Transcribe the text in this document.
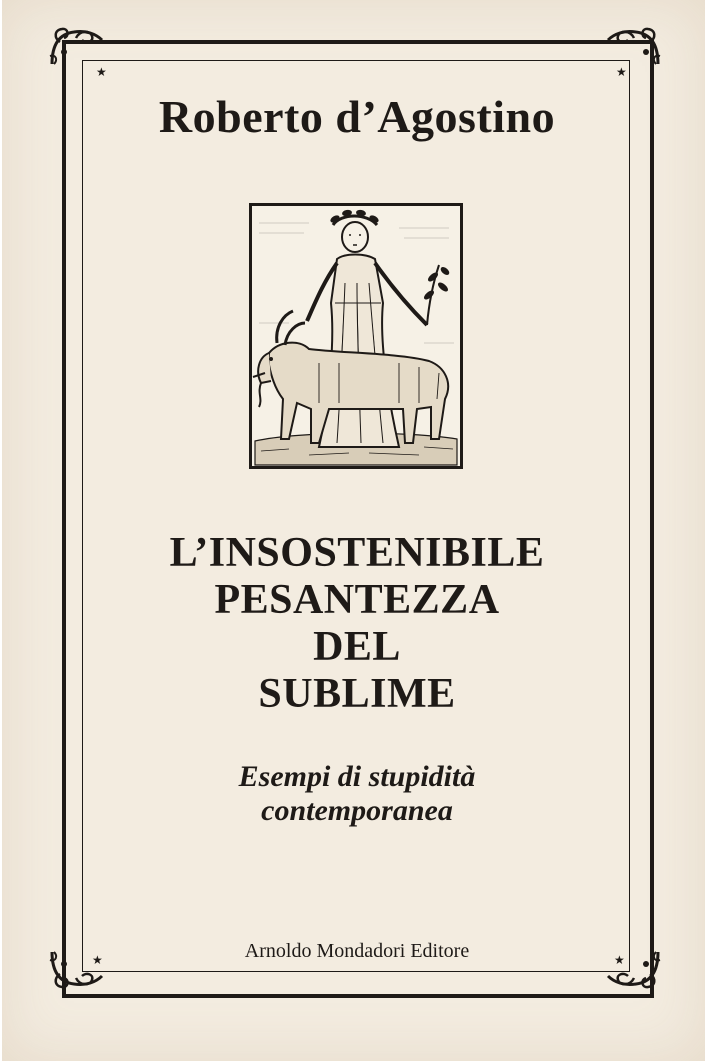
★	★
★	★
Roberto d’Agostino
L’INSOSTENIBILE
PESANTEZZA
DEL
SUBLIME
Esempi di stupidità
contemporanea
Arnoldo Mondadori Editore
